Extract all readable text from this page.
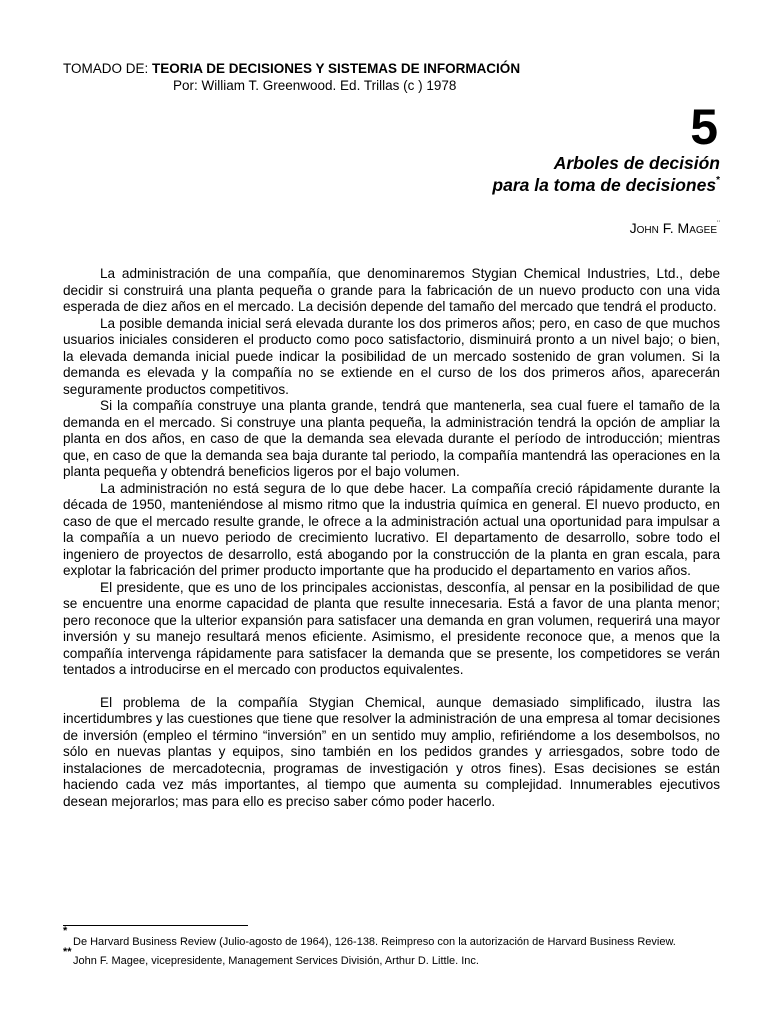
TOMADO DE: TEORIA DE DECISIONES Y SISTEMAS DE INFORMACIÓN
Por: William T. Greenwood. Ed. Trillas (c ) 1978
5
Arboles de decisión
para la toma de decisiones*
John F. Magee¨

La administración de una compañía, que denominaremos Stygian Chemical Industries, Ltd., debe decidir si construirá una planta pequeña o grande para la fabricación de un nuevo producto con una vida esperada de diez años en el mercado. La decisión depende del tamaño del mercado que tendrá el producto.

La posible demanda inicial será elevada durante los dos primeros años; pero, en caso de que muchos usuarios iniciales consideren el producto como poco satisfactorio, disminuirá pronto a un nivel bajo; o bien, la elevada demanda inicial puede indicar la posibilidad de un mercado sostenido de gran volumen. Si la demanda es elevada y la compañía no se extiende en el curso de los dos primeros años, aparecerán seguramente productos competitivos.

Si la compañía construye una planta grande, tendrá que mantenerla, sea cual fuere el tamaño de la demanda en el mercado. Si construye una planta pequeña, la administración tendrá la opción de ampliar la planta en dos años, en caso de que la demanda sea elevada durante el período de introducción; mientras que, en caso de que la demanda sea baja durante tal periodo, la compañía mantendrá las operaciones en la planta pequeña y obtendrá beneficios ligeros por el bajo volumen.

La administración no está segura de lo que debe hacer. La compañía creció rápidamente durante la década de 1950, manteniéndose al mismo ritmo que la industria química en general. El nuevo producto, en caso de que el mercado resulte grande, le ofrece a la administración actual una oportunidad para impulsar a la compañía a un nuevo periodo de crecimiento lucrativo. El departamento de desarrollo, sobre todo el ingeniero de proyectos de desarrollo, está abogando por la construcción de la planta en gran escala, para explotar la fabricación del primer producto importante que ha producido el departamento en varios años.

El presidente, que es uno de los principales accionistas, desconfía, al pensar en la posibilidad de que se encuentre una enorme capacidad de planta que resulte innecesaria. Está a favor de una planta menor; pero reconoce que la ulterior expansión para satisfacer una demanda en gran volumen, requerirá una mayor inversión y su manejo resultará menos eficiente. Asimismo, el presidente reconoce que, a menos que la compañía intervenga rápidamente para satisfacer la demanda que se presente, los competidores se verán tentados a introducirse en el mercado con productos equivalentes.

El problema de la compañía Stygian Chemical, aunque demasiado simplificado, ilustra las incertidumbres y las cuestiones que tiene que resolver la administración de una empresa al tomar decisiones de inversión (empleo el término “inversión” en un sentido muy amplio, refiriéndome a los desembolsos, no sólo en nuevas plantas y equipos, sino también en los pedidos grandes y arriesgados, sobre todo de instalaciones de mercadotecnia, programas de investigación y otros fines). Esas decisiones se están haciendo cada vez más importantes, al tiempo que aumenta su complejidad. Innumerables ejecutivos desean mejorarlos; mas para ello es preciso saber cómo poder hacerlo.

*
De Harvard Business Review (Julio-agosto de 1964), 126-138. Reimpreso con la autorización de Harvard Business Review.
**
John F. Magee, vicepresidente, Management Services División, Arthur D. Little. Inc.
